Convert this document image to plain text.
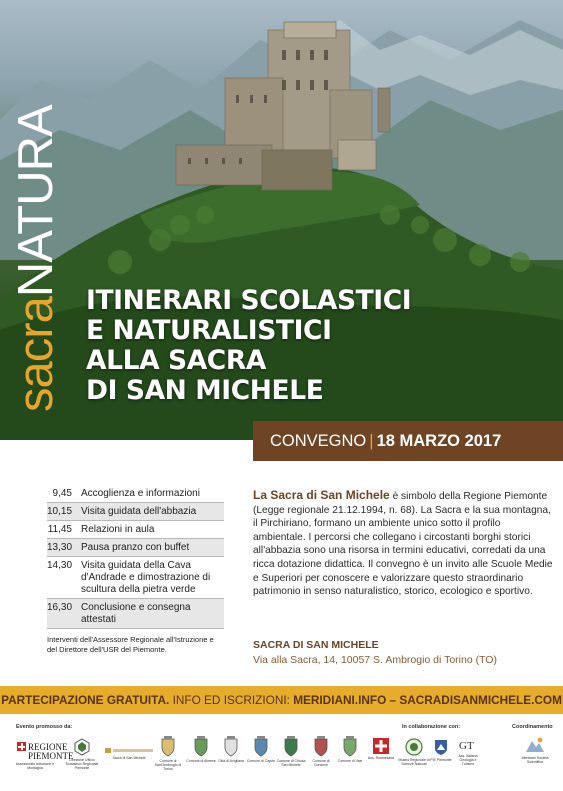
sacraNATURA
ITINERARI SCOLASTICI
E NATURALISTICI
ALLA SACRA
DI SAN MICHELE
CONVEGNO | 18 MARZO 2017
9,45 Accoglienza e informazioni
10,15 Visita guidata dell'abbazia
11,45 Relazioni in aula
13,30 Pausa pranzo con buffet
14,30 Visita guidata della Cava d'Andrade e dimostrazione di scultura della pietra verde
16,30 Conclusione e consegna attestati
Interventi dell'Assessore Regionale all'Istruzione e del Direttore dell'USR del Piemonte.
La Sacra di San Michele è simbolo della Regione Piemonte (Legge regionale 21.12.1994, n. 68). La Sacra e la sua montagna, il Pirchiriano, formano un ambiente unico sotto il profilo ambientale. I percorsi che collegano i circostanti borghi storici all'abbazia sono una risorsa in termini educativi, corredati da una ricca dotazione didattica. Il convegno è un invito alle Scuole Medie e Superiori per conoscere e valorizzare questo straordinario patrimonio in senso naturalistico, storico, ecologico e sportivo.
SACRA DI SAN MICHELE
Via alla Sacra, 14, 10057 S. Ambrogio di Torino (TO)
PARTECIPAZIONE GRATUITA. INFO ED ISCRIZIONI: MERIDIANI.INFO – SACRADISANMICHELE.COM
Evento promosso da:	In collaborazione con:	Coordinamento
REGIONE
PIEMONTE
Assessorato Istruzione e Montagna
Direzione Ufficio Scolastico Regionale Piemonte
Sacra di San Michele
Comune di Sant'Ambrogio di Torino
Comune di Almese Città di Avigliana Comune di Caprie Comune di Chiusa San Michele
Comune di Condove
Comune di Vaie
Ass. Rosminiana	Museo Regionale di Scienze Naturali
FIE Piemonte
GT
Ass. Italiana Geologia e Turismo
Meridiani Società Scientifica
